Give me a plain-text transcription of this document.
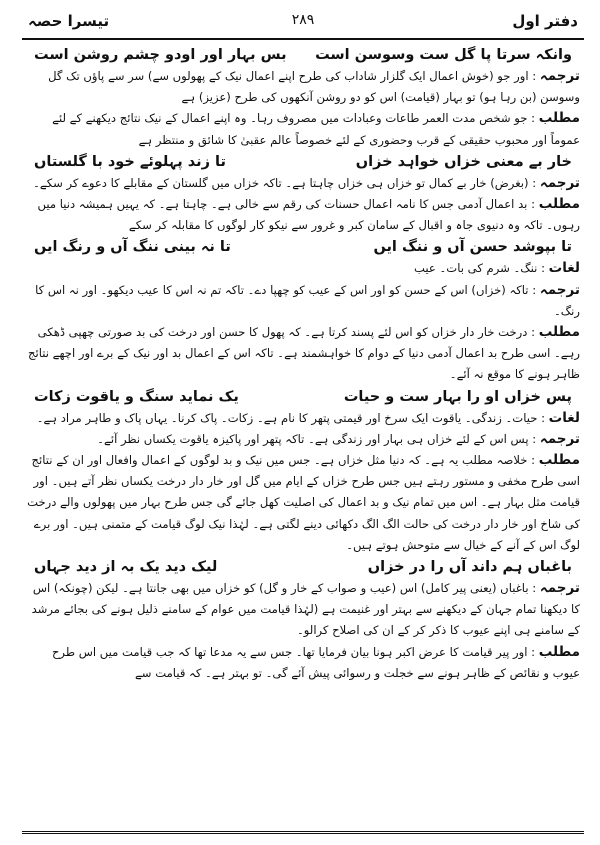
دفتر اول
۲۸۹
تیسرا حصہ
وانکہ سرتا پا گل ست وسوسن است
بس بہار اور اودو چشم روشن است

ترجمہ : اور جو (خوش اعمال ایک گلزار شاداب کی طرح اپنے اعمال نیک کے پھولوں سے) سر سے پاؤں تک گل وسوسن (بن رہا ہو) تو بہار (قیامت) اس کو دو روشن آنکھوں کی طرح (عزیز) ہے

مطلب : جو شخص مدت العمر طاعات وعبادات میں مصروف رہا۔ وہ اپنے اعمال کے نیک نتائج دیکھنے کے لئے عموماً اور محبوب حقیقی کے قرب وحضوری کے لئے خصوصاً عالم عقبیٰ کا شائق و منتظر ہے

خار بے معنی خزاں خواہد خزاں
تا زند پہلوئے خود با گلستاں

ترجمہ : (بغرض) خار بے کمال تو خزاں ہی خزاں چاہتا ہے۔ تاکہ خزاں میں گلستان کے مقابلے کا دعوے کر سکے۔

مطلب : بد اعمال آدمی جس کا نامہ اعمال حسنات کی رقم سے خالی ہے۔ چاہتا ہے۔ کہ یہیں ہمیشہ دنیا میں رہوں۔ تاکہ وہ دنیوی جاہ و اقبال کے سامان کبر و غرور سے نیکو کار لوگوں کا مقابلہ کر سکے

تا بپوشد حسن آں و ننگ ایں
تا نہ بینی ننگ آں و رنگ ایں

لغات : ننگ۔ شرم کی بات۔ عیب

ترجمہ : تاکہ (خزاں) اس کے حسن کو اور اس کے عیب کو چھپا دے۔ تاکہ تم نہ اس کا عیب دیکھو۔ اور نہ اس کا رنگ۔

مطلب : درخت خار دار خزاں کو اس لئے پسند کرتا ہے۔ کہ پھول کا حسن اور درخت کی بد صورتی چھپی ڈھکی رہے۔ اسی طرح بد اعمال آدمی دنیا کے دوام کا خواہشمند ہے۔ تاکہ اس کے اعمال بد اور نیک کے برے اور اچھے نتائج ظاہر ہونے کا موقع نہ آئے۔

پس خزاں او را بہار ست و حیات
یک نماید سنگ و یاقوت زکات

لغات : حیات۔ زندگی۔ یاقوت ایک سرخ اور قیمتی پتھر کا نام ہے۔ زکات۔ پاک کرنا۔ یہاں پاک و طاہر مراد ہے۔

ترجمہ : پس اس کے لئے خزاں ہی بہار اور زندگی ہے۔ تاکہ پتھر اور پاکیزہ یاقوت یکساں نظر آئے۔

مطلب : خلاصہ مطلب یہ ہے۔ کہ دنیا مثل خزاں ہے۔ جس میں نیک و بد لوگوں کے اعمال وافعال اور ان کے نتائج اسی طرح مخفی و مستور رہتے ہیں جس طرح خزاں کے ایام میں گل اور خار دار درخت یکساں نظر آتے ہیں۔ اور قیامت مثل بہار ہے۔ اس میں تمام نیک و بد اعمال کی اصلیت کھل جائے گی جس طرح بہار میں پھولوں والے درخت کی شاخ اور خار دار درخت کی حالت الگ الگ دکھائی دینے لگتی ہے۔ لہٰذا نیک لوگ قیامت کے متمنی ہیں۔ اور برے لوگ اس کے آنے کے خیال سے متوحش ہوتے ہیں۔

باغباں ہم داند آں را در خزاں
لیک دید یک بہ از دید جہاں

ترجمہ : باغباں (یعنی پیر کامل) اس (عیب و صواب کے خار و گل) کو خزاں میں بھی جانتا ہے۔ لیکن (چونکہ) اس کا دیکھنا تمام جہان کے دیکھنے سے بہتر اور غنیمت ہے (لہٰذا قیامت میں عوام کے سامنے ذلیل ہونے کی بجائے مرشد کے سامنے ہی اپنے عیوب کا ذکر کر کے ان کی اصلاح کرالو۔

مطلب : اور پیر قیامت کا عرض اکبر ہونا بیان فرمایا تھا۔ جس سے یہ مدعا تھا کہ جب قیامت میں اس طرح عیوب و نقائص کے ظاہر ہونے سے خجلت و رسوائی پیش آئے گی۔ تو بہتر ہے۔ کہ قیامت سے
